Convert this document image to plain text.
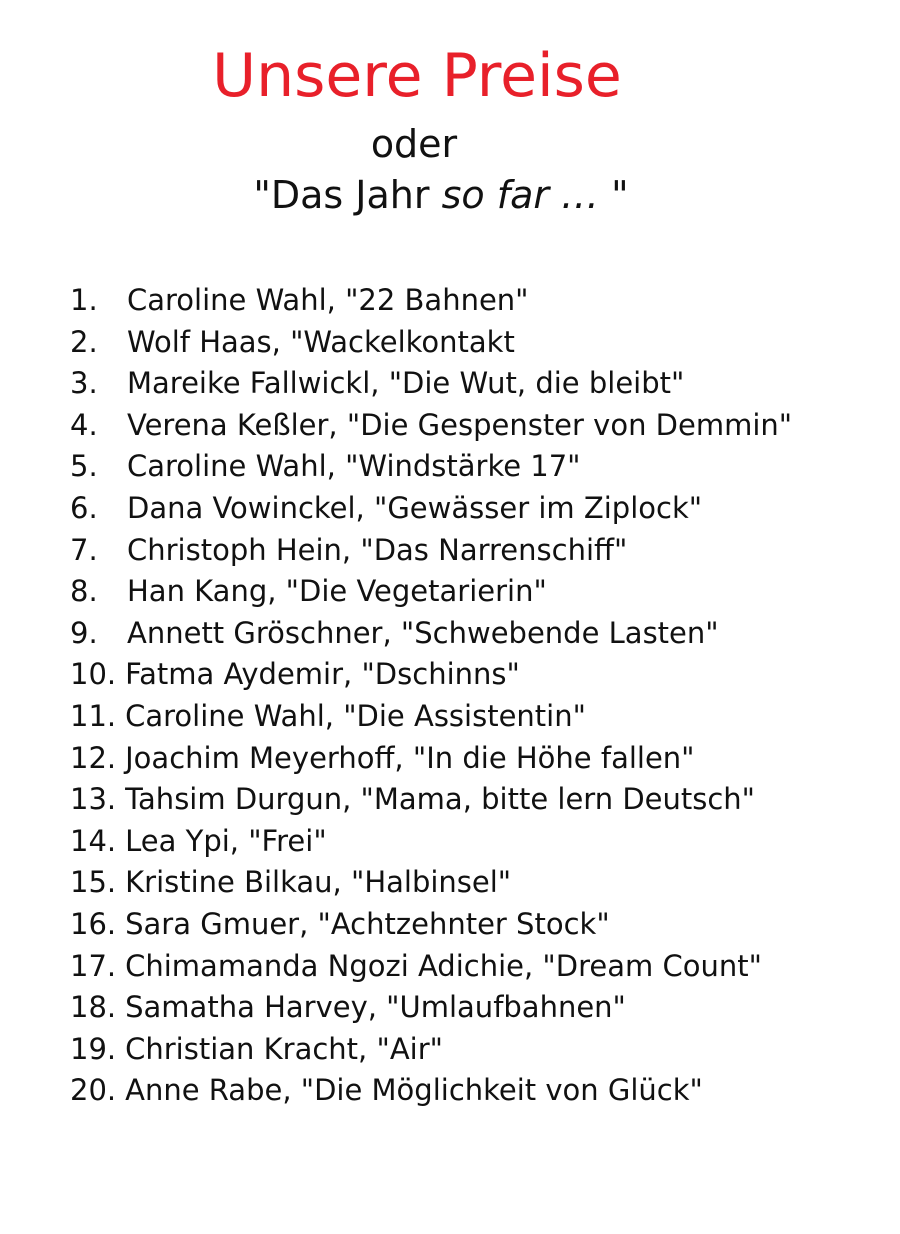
Unsere Preise
oder
"Das Jahr so far … "
1.	Caroline Wahl, "22 Bahnen"
2.	Wolf Haas, "Wackelkontakt
3.	Mareike Fallwickl, "Die Wut, die bleibt"
4.	Verena Keßler, "Die Gespenster von Demmin"
5.	Caroline Wahl, "Windstärke 17"
6.	Dana Vowinckel, "Gewässer im Ziplock"
7.	Christoph Hein, "Das Narrenschiff"
8.	Han Kang, "Die Vegetarierin"
9.	Annett Gröschner, "Schwebende Lasten"
10. Fatma Aydemir, "Dschinns"
11. Caroline Wahl, "Die Assistentin"
12. Joachim Meyerhoff, "In die Höhe fallen"
13. Tahsim Durgun, "Mama, bitte lern Deutsch"
14. Lea Ypi, "Frei"
15. Kristine Bilkau, "Halbinsel"
16. Sara Gmuer, "Achtzehnter Stock"
17. Chimamanda Ngozi Adichie, "Dream Count"
18. Samatha Harvey, "Umlaufbahnen"
19. Christian Kracht, "Air"
20. Anne Rabe, "Die Möglichkeit von Glück"
